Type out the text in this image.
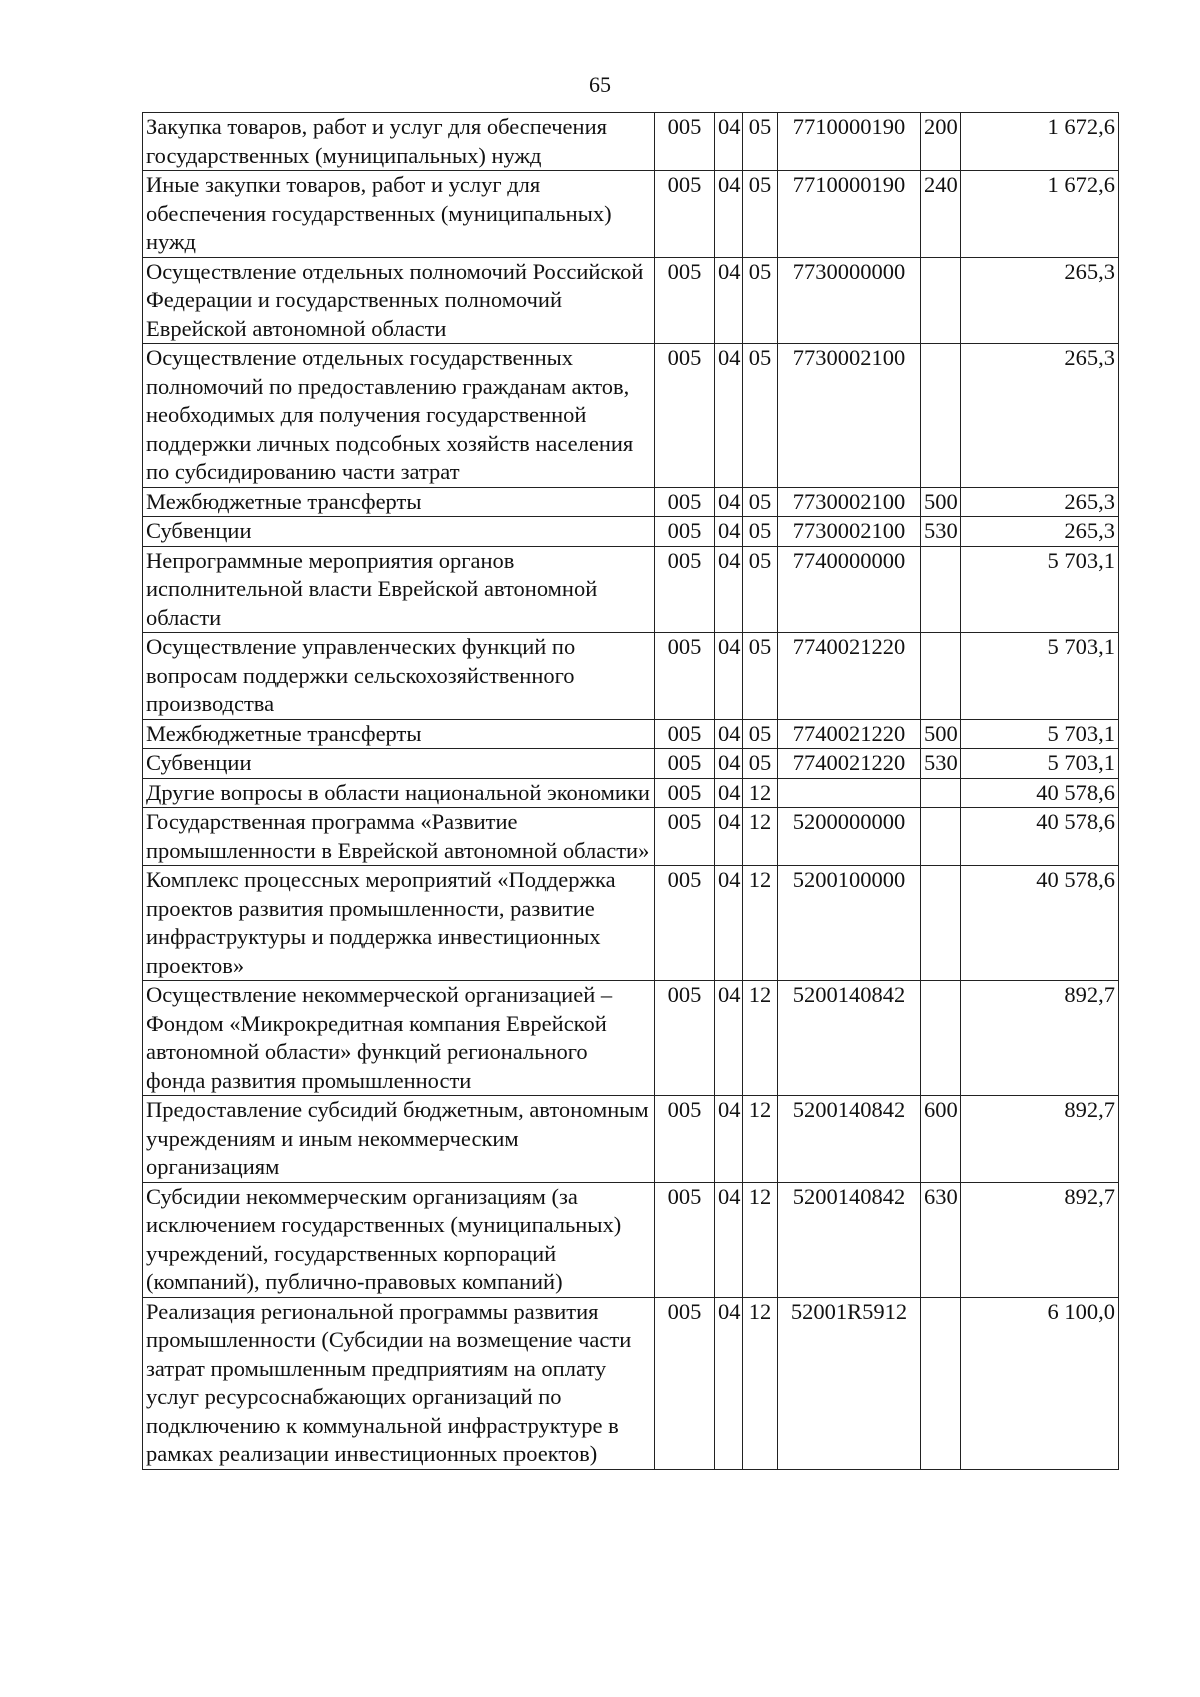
65
Закупка товаров, работ и услуг для обеспечения государственных (муниципальных) нужд	005	04	05	7710000190	200	1 672,6
Иные закупки товаров, работ и услуг для обеспечения государственных (муниципальных) нужд	005	04	05	7710000190	240	1 672,6
Осуществление отдельных полномочий Российской Федерации и государственных полномочий Еврейской автономной области	005	04	05	7730000000		265,3
Осуществление отдельных государственных полномочий по предоставлению гражданам актов, необходимых для получения государственной поддержки личных подсобных хозяйств населения по субсидированию части затрат	005	04	05	7730002100		265,3
Межбюджетные трансферты	005	04	05	7730002100	500	265,3
Субвенции	005	04	05	7730002100	530	265,3
Непрограммные мероприятия органов исполнительной власти Еврейской автономной области	005	04	05	7740000000		5 703,1
Осуществление управленческих функций по вопросам поддержки сельскохозяйственного производства	005	04	05	7740021220		5 703,1
Межбюджетные трансферты	005	04	05	7740021220	500	5 703,1
Субвенции	005	04	05	7740021220	530	5 703,1
Другие вопросы в области национальной экономики	005	04	12			40 578,6
Государственная программа «Развитие промышленности в Еврейской автономной области»	005	04	12	5200000000		40 578,6
Комплекс процессных мероприятий «Поддержка проектов развития промышленности, развитие инфраструктуры и поддержка инвестиционных проектов»	005	04	12	5200100000		40 578,6
Осуществление некоммерческой организацией – Фондом «Микрокредитная компания Еврейской автономной области» функций регионального фонда развития промышленности	005	04	12	5200140842		892,7
Предоставление субсидий бюджетным, автономным учреждениям и иным некоммерческим организациям	005	04	12	5200140842	600	892,7
Субсидии некоммерческим организациям (за исключением государственных (муниципальных) учреждений, государственных корпораций (компаний), публично-правовых компаний)	005	04	12	5200140842	630	892,7
Реализация региональной программы развития промышленности (Субсидии на возмещение части затрат промышленным предприятиям на оплату услуг ресурсоснабжающих организаций по подключению к коммунальной инфраструктуре в рамках реализации инвестиционных проектов)	005	04	12	52001R5912		6 100,0
